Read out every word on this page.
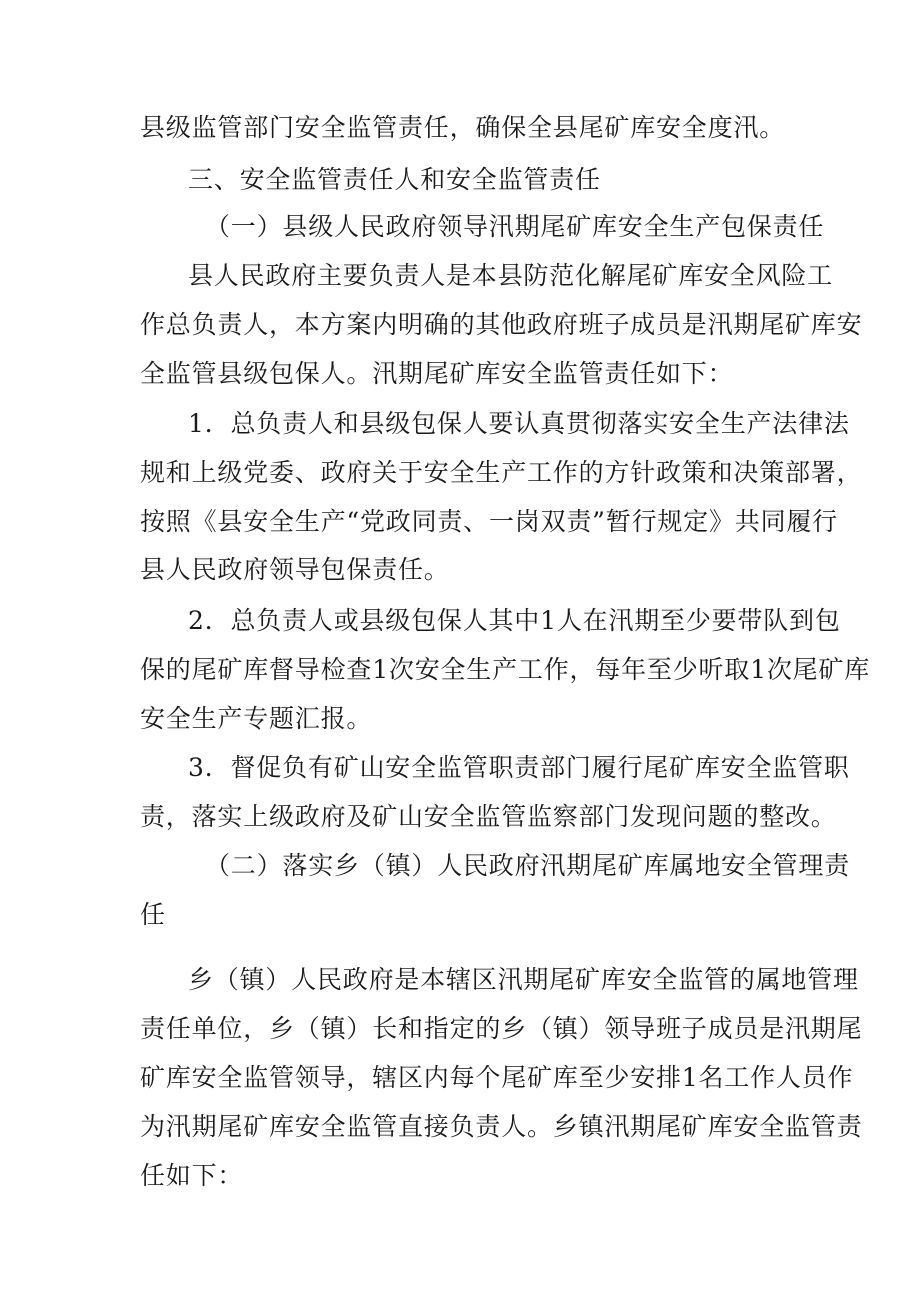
县级监管部门安全监管责任，确保全县尾矿库安全度汛。
三、安全监管责任人和安全监管责任
（一）县级人民政府领导汛期尾矿库安全生产包保责任
县人民政府主要负责人是本县防范化解尾矿库安全风险工
作总负责人，本方案内明确的其他政府班子成员是汛期尾矿库安
全监管县级包保人。汛期尾矿库安全监管责任如下：
1．总负责人和县级包保人要认真贯彻落实安全生产法律法
规和上级党委、政府关于安全生产工作的方针政策和决策部署，
按照《县安全生产“党政同责、一岗双责”暂行规定》共同履行
县人民政府领导包保责任。
2．总负责人或县级包保人其中1人在汛期至少要带队到包
保的尾矿库督导检查1次安全生产工作，每年至少听取1次尾矿库
安全生产专题汇报。
3．督促负有矿山安全监管职责部门履行尾矿库安全监管职
责，落实上级政府及矿山安全监管监察部门发现问题的整改。
（二）落实乡（镇）人民政府汛期尾矿库属地安全管理责
任
乡（镇）人民政府是本辖区汛期尾矿库安全监管的属地管理
责任单位，乡（镇）长和指定的乡（镇）领导班子成员是汛期尾
矿库安全监管领导，辖区内每个尾矿库至少安排1名工作人员作
为汛期尾矿库安全监管直接负责人。乡镇汛期尾矿库安全监管责
任如下：
